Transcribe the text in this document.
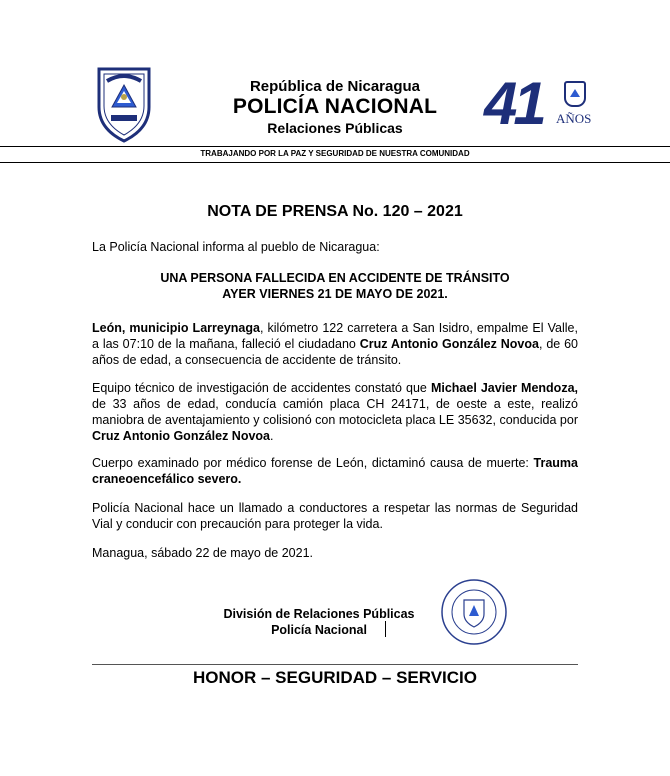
República de Nicaragua
POLICÍA NACIONAL
Relaciones Públicas	41 AÑOS
TRABAJANDO POR LA PAZ Y SEGURIDAD DE NUESTRA COMUNIDAD
NOTA DE PRENSA No. 120 – 2021
La Policía Nacional informa al pueblo de Nicaragua:
UNA PERSONA FALLECIDA EN ACCIDENTE DE TRÁNSITO
AYER VIERNES 21 DE MAYO DE 2021.
León, municipio Larreynaga, kilómetro 122 carretera a San Isidro, empalme El Valle, a las 07:10 de la mañana, falleció el ciudadano Cruz Antonio González Novoa, de 60 años de edad, a consecuencia de accidente de tránsito.
Equipo técnico de investigación de accidentes constató que Michael Javier Mendoza, de 33 años de edad, conducía camión placa CH 24171, de oeste a este, realizó maniobra de aventajamiento y colisionó con motocicleta placa LE 35632, conducida por Cruz Antonio González Novoa.
Cuerpo examinado por médico forense de León, dictaminó causa de muerte: Trauma craneoencefálico severo.
Policía Nacional hace un llamado a conductores a respetar las normas de Seguridad Vial y conducir con precaución para proteger la vida.
Managua, sábado 22 de mayo de 2021.
División de Relaciones Públicas
Policía Nacional
HONOR – SEGURIDAD – SERVICIO
